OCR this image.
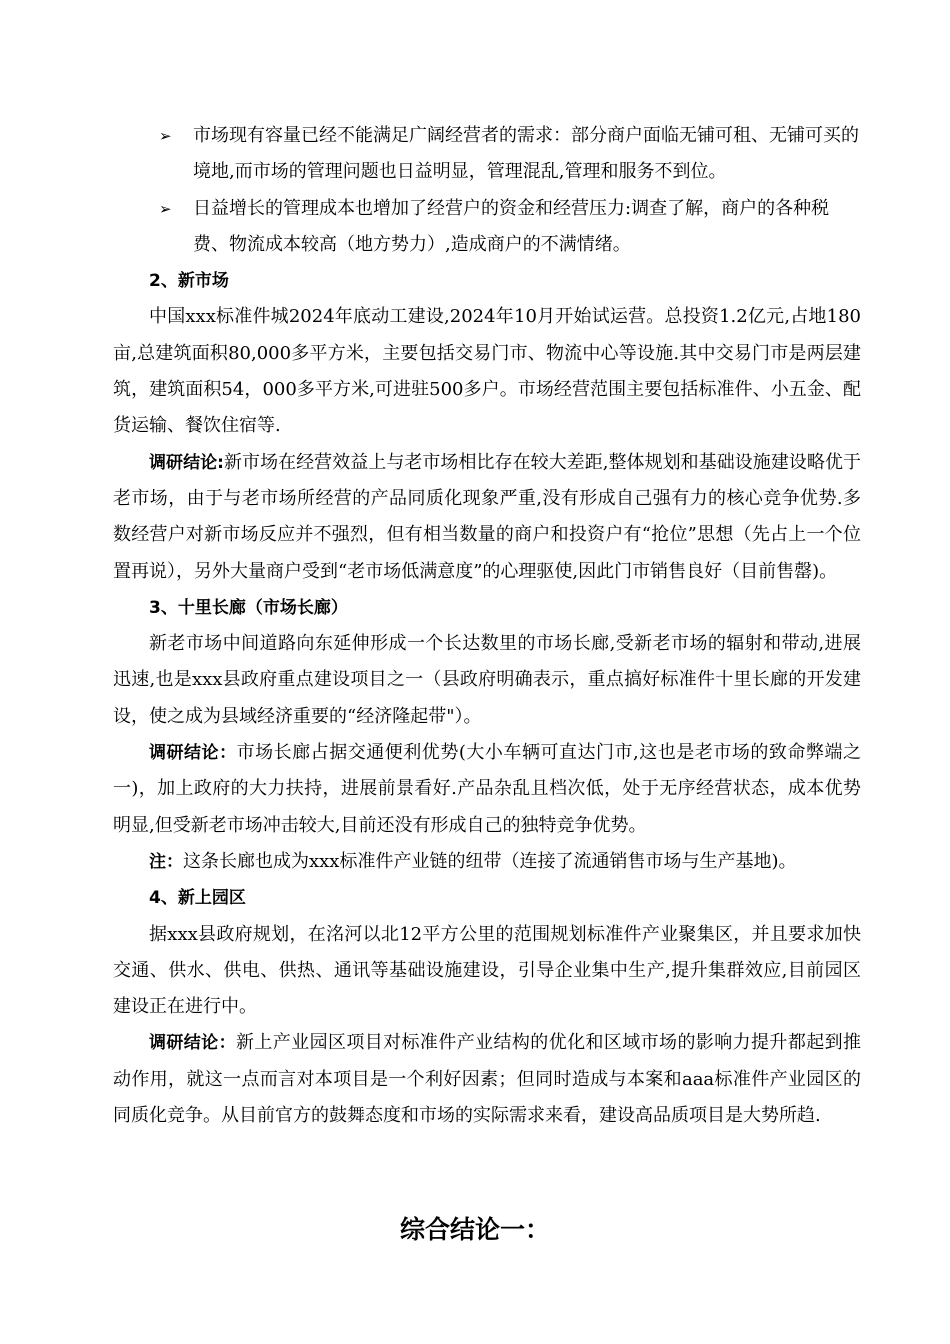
➢ 市场现有容量已经不能满足广阔经营者的需求：部分商户面临无铺可租、无铺可买的境地,而市场的管理问题也日益明显，管理混乱,管理和服务不到位。
➢ 日益增长的管理成本也增加了经营户的资金和经营压力:调查了解，商户的各种税费、物流成本较高（地方势力）,造成商户的不满情绪。
2、新市场
中国xxx标准件城2024年底动工建设,2024年10月开始试运营。总投资1.2亿元,占地180亩,总建筑面积80,000多平方米，主要包括交易门市、物流中心等设施.其中交易门市是两层建筑，建筑面积54，000多平方米,可进驻500多户。市场经营范围主要包括标准件、小五金、配货运输、餐饮住宿等.
调研结论:新市场在经营效益上与老市场相比存在较大差距,整体规划和基础设施建设略优于老市场，由于与老市场所经营的产品同质化现象严重,没有形成自己强有力的核心竞争优势.多数经营户对新市场反应并不强烈，但有相当数量的商户和投资户有“抢位”思想（先占上一个位置再说），另外大量商户受到“老市场低满意度”的心理驱使,因此门市销售良好（目前售罄)。
3、十里长廊（市场长廊）
新老市场中间道路向东延伸形成一个长达数里的市场长廊,受新老市场的辐射和带动,进展迅速,也是xxx县政府重点建设项目之一（县政府明确表示，重点搞好标准件十里长廊的开发建设，使之成为县域经济重要的“经济隆起带"）。
调研结论：市场长廊占据交通便利优势(大小车辆可直达门市,这也是老市场的致命弊端之一)，加上政府的大力扶持，进展前景看好.产品杂乱且档次低，处于无序经营状态，成本优势明显,但受新老市场冲击较大,目前还没有形成自己的独特竞争优势。
注：这条长廊也成为xxx标准件产业链的纽带（连接了流通销售市场与生产基地)。
4、新上园区
据xxx县政府规划，在洺河以北12平方公里的范围规划标准件产业聚集区，并且要求加快交通、供水、供电、供热、通讯等基础设施建设，引导企业集中生产,提升集群效应,目前园区建设正在进行中。
调研结论：新上产业园区项目对标准件产业结构的优化和区域市场的影响力提升都起到推动作用，就这一点而言对本项目是一个利好因素；但同时造成与本案和aaa标准件产业园区的同质化竞争。从目前官方的鼓舞态度和市场的实际需求来看，建设高品质项目是大势所趋.
综合结论一：
